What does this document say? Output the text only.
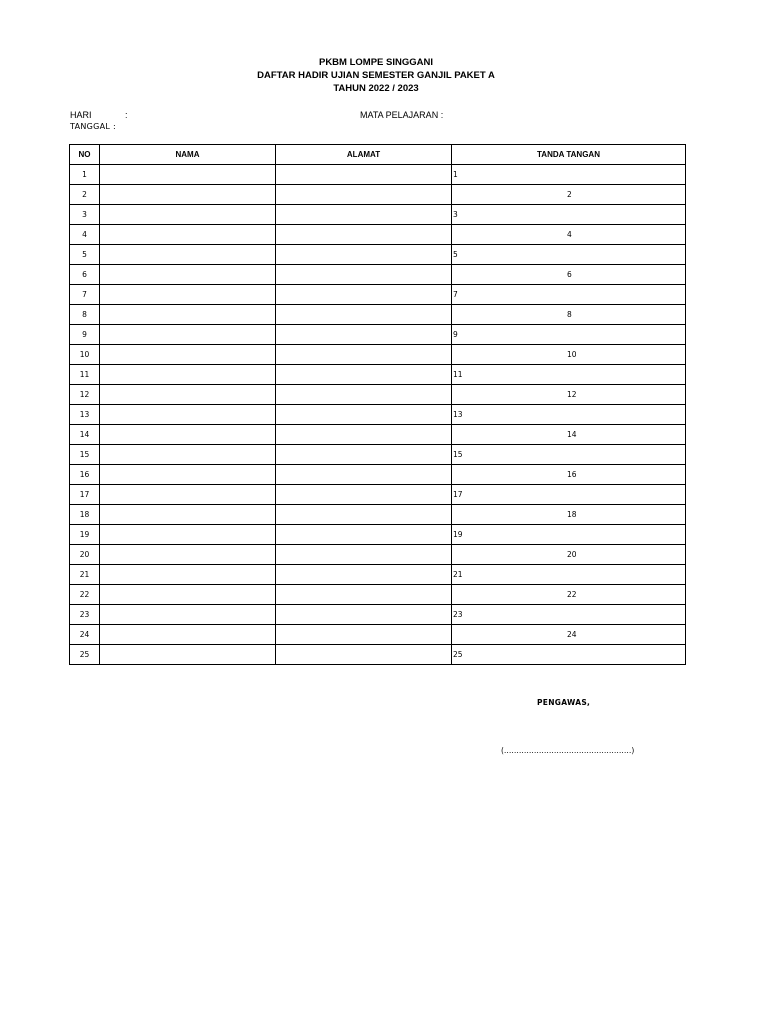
PKBM LOMPE SINGGANI
DAFTAR HADIR UJIAN SEMESTER GANJIL PAKET A
TAHUN 2022 / 2023
HARI	:
TANGGAL :
MATA PELAJARAN :
NO	NAMA	ALAMAT	TANDA TANGAN
1			1

2			2

3			3

4			4

5			5

6			6

7			7

8			8

9			9

10			10

11			11

12			12

13			13

14			14

15			15

16			16

17			17

18			18

19			19

20			20

21			21

22			22

23			23

24			24

25			25
PENGAWAS,
(……………………………………………)
